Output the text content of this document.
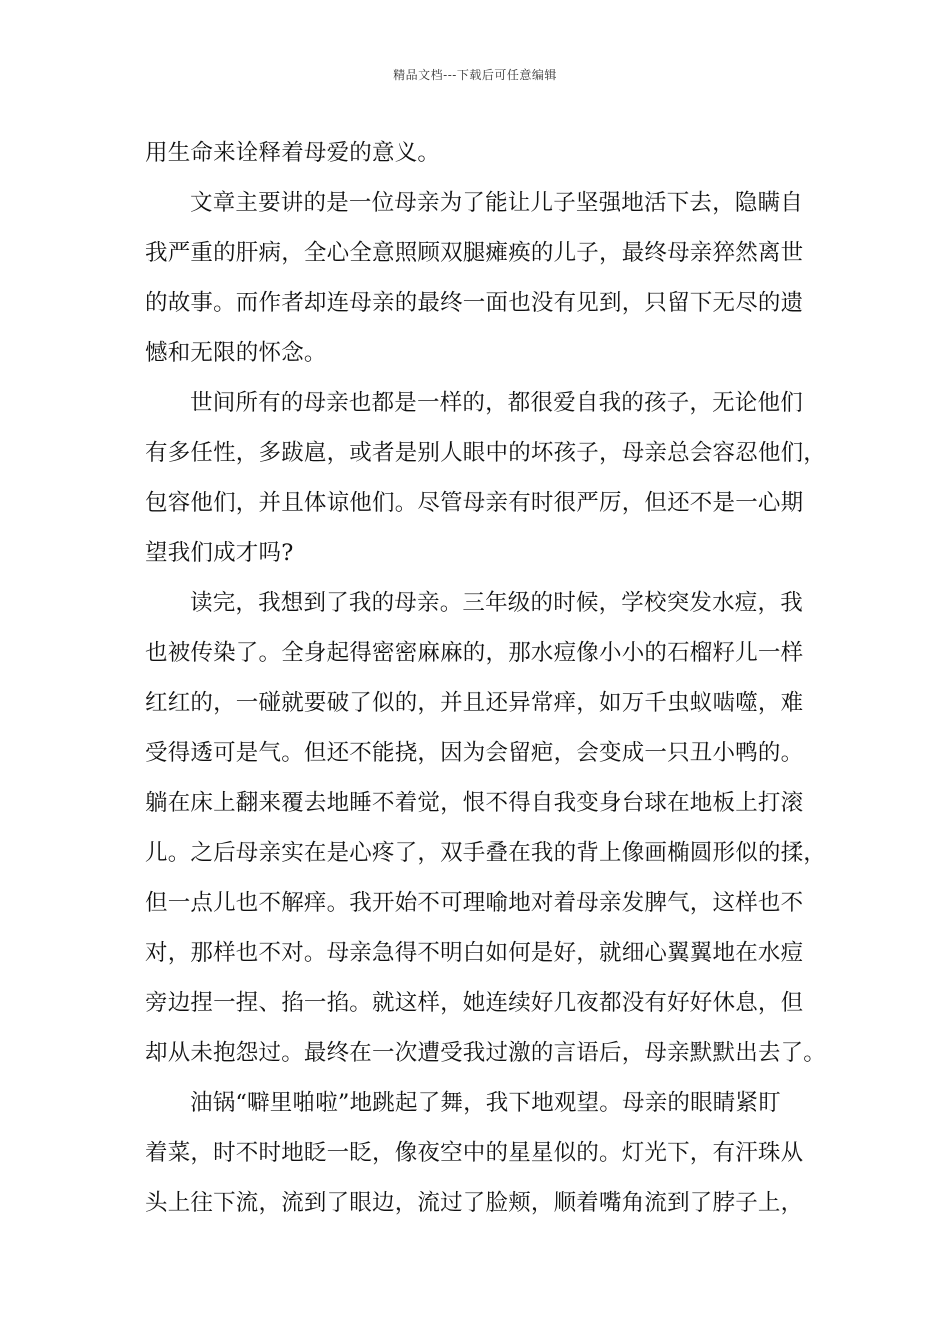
精品文档---下载后可任意编辑
用生命来诠释着母爱的意义。
文章主要讲的是一位母亲为了能让儿子坚强地活下去，隐瞒自
我严重的肝病，全心全意照顾双腿瘫痪的儿子，最终母亲猝然离世
的故事。而作者却连母亲的最终一面也没有见到，只留下无尽的遗
憾和无限的怀念。
世间所有的母亲也都是一样的，都很爱自我的孩子，无论他们
有多任性，多跋扈，或者是别人眼中的坏孩子，母亲总会容忍他们，
包容他们，并且体谅他们。尽管母亲有时很严厉，但还不是一心期
望我们成才吗?
读完，我想到了我的母亲。三年级的时候，学校突发水痘，我
也被传染了。全身起得密密麻麻的，那水痘像小小的石榴籽儿一样
红红的，一碰就要破了似的，并且还异常痒，如万千虫蚁啮噬，难
受得透可是气。但还不能挠，因为会留疤，会变成一只丑小鸭的。
躺在床上翻来覆去地睡不着觉，恨不得自我变身台球在地板上打滚
儿。之后母亲实在是心疼了，双手叠在我的背上像画椭圆形似的揉，
但一点儿也不解痒。我开始不可理喻地对着母亲发脾气，这样也不
对，那样也不对。母亲急得不明白如何是好，就细心翼翼地在水痘
旁边捏一捏、掐一掐。就这样，她连续好几夜都没有好好休息，但
却从未抱怨过。最终在一次遭受我过激的言语后，母亲默默出去了。
油锅“噼里啪啦”地跳起了舞，我下地观望。母亲的眼睛紧盯
着菜，时不时地眨一眨，像夜空中的星星似的。灯光下，有汗珠从
头上往下流，流到了眼边，流过了脸颊，顺着嘴角流到了脖子上，
